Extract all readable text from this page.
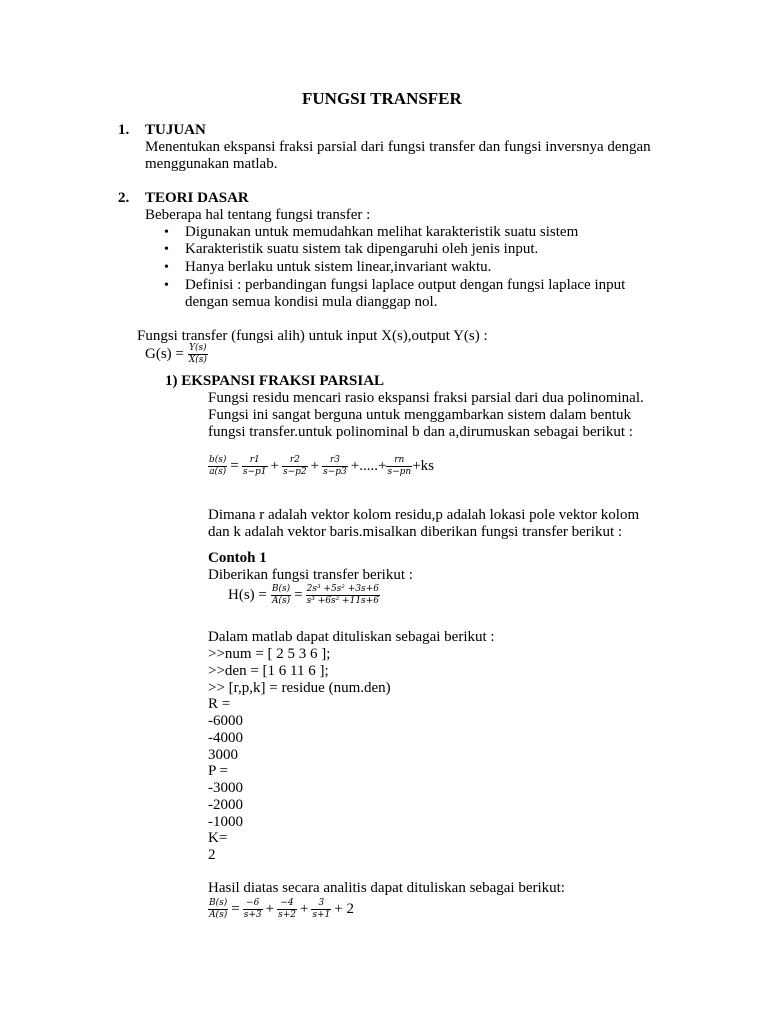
FUNGSI TRANSFER
1. TUJUAN
Menentukan ekspansi fraksi parsial dari fungsi transfer dan fungsi inversnya dengan
menggunakan matlab.
2. TEORI DASAR
Beberapa hal tentang fungsi transfer :
• Digunakan untuk memudahkan melihat karakteristik suatu sistem
• Karakteristik suatu sistem tak dipengaruhi oleh jenis input.
• Hanya berlaku untuk sistem linear,invariant waktu.
• Definisi : perbandingan fungsi laplace output dengan fungsi laplace input
dengan semua kondisi mula dianggap nol.
Fungsi transfer (fungsi alih) untuk input X(s),output Y(s) :
$G(s) = \frac{Y(s)}{X(s)}$
1) EKSPANSI FRAKSI PARSIAL
Fungsi residu mencari rasio ekspansi fraksi parsial dari dua polinominal.
Fungsi ini sangat berguna untuk menggambarkan sistem dalam bentuk
fungsi transfer.untuk polinominal b dan a,dirumuskan sebagai berikut :
$\frac{b(s)}{a(s)} = \frac{r1}{s-p1} + \frac{r2}{s-p2} + \frac{r3}{s-p3}$ +.....+ $\frac{rn}{s-pn} +ks$
Dimana r adalah vektor kolom residu,p adalah lokasi pole vektor kolom
dan k adalah vektor baris.misalkan diberikan fungsi transfer berikut :
Contoh 1
Diberikan fungsi transfer berikut :
$H(s) = \frac{B(s)}{A(s)} = \frac{\text{2s³ +5s² +3s+6}}{\text{s³ +6s² +11s+6}}$
Dalam matlab dapat dituliskan sebagai berikut :
>>num = [ 2 5 3 6 ];
>>den = [1 6 11 6 ];
>> [r,p,k] = residue (num.den)
R =
-6000
-4000
3000
P =
-3000
-2000
-1000
K=
2
Hasil diatas secara analitis dapat dituliskan sebagai berikut:
$\frac{B(s)}{A(s)} = \frac{-6}{s+3} + \frac{-4}{s+2} + \frac{3}{s+1} + 2$
